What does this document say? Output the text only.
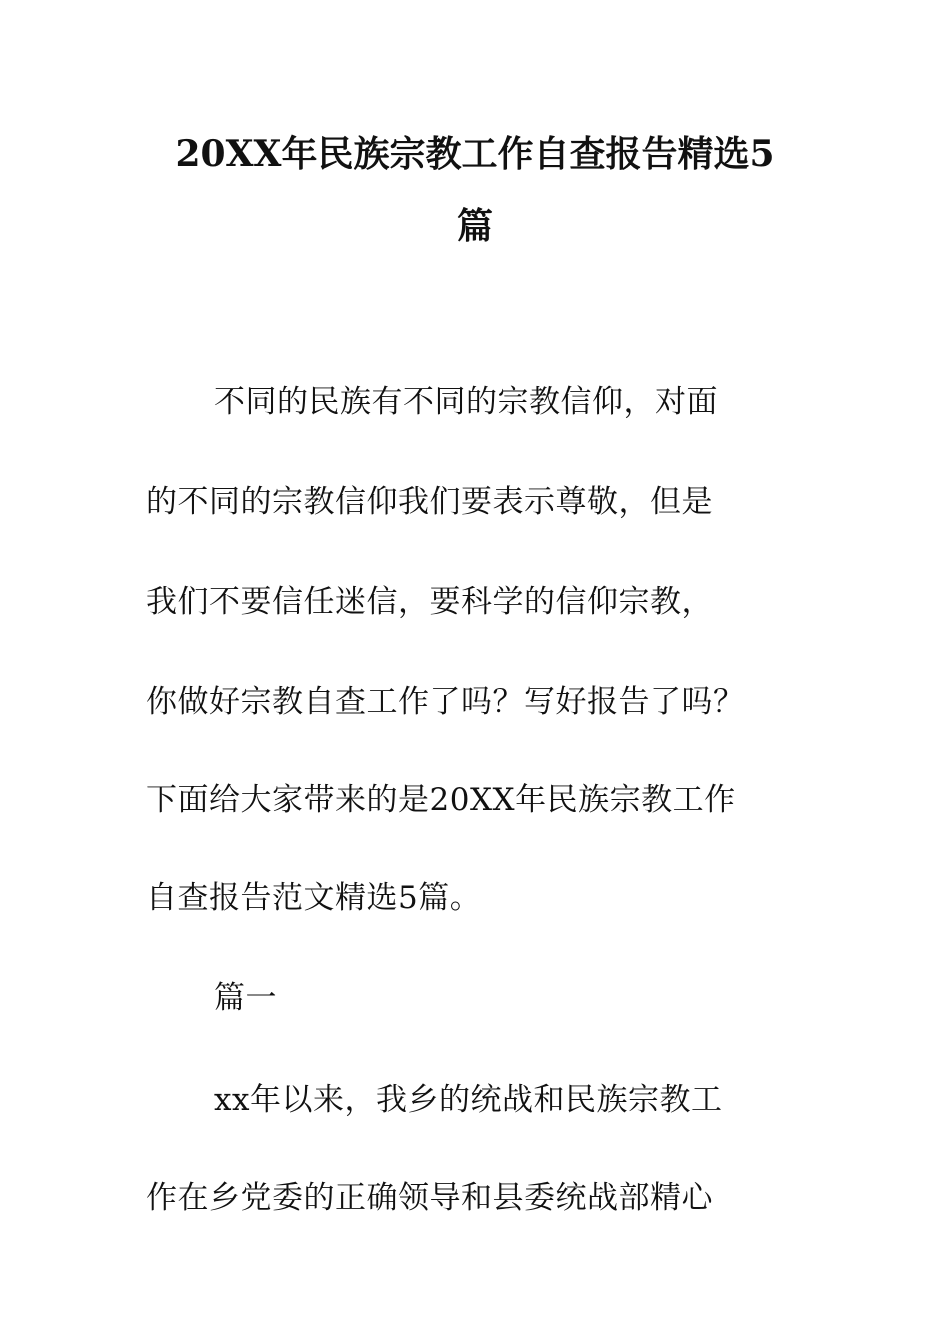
20XX年民族宗教工作自查报告精选5
篇
不同的民族有不同的宗教信仰，对面
的不同的宗教信仰我们要表示尊敬，但是
我们不要信任迷信，要科学的信仰宗教，
你做好宗教自查工作了吗？写好报告了吗？
下面给大家带来的是20XX年民族宗教工作
自查报告范文精选5篇。
篇一
xx年以来，我乡的统战和民族宗教工
作在乡党委的正确领导和县委统战部精心
